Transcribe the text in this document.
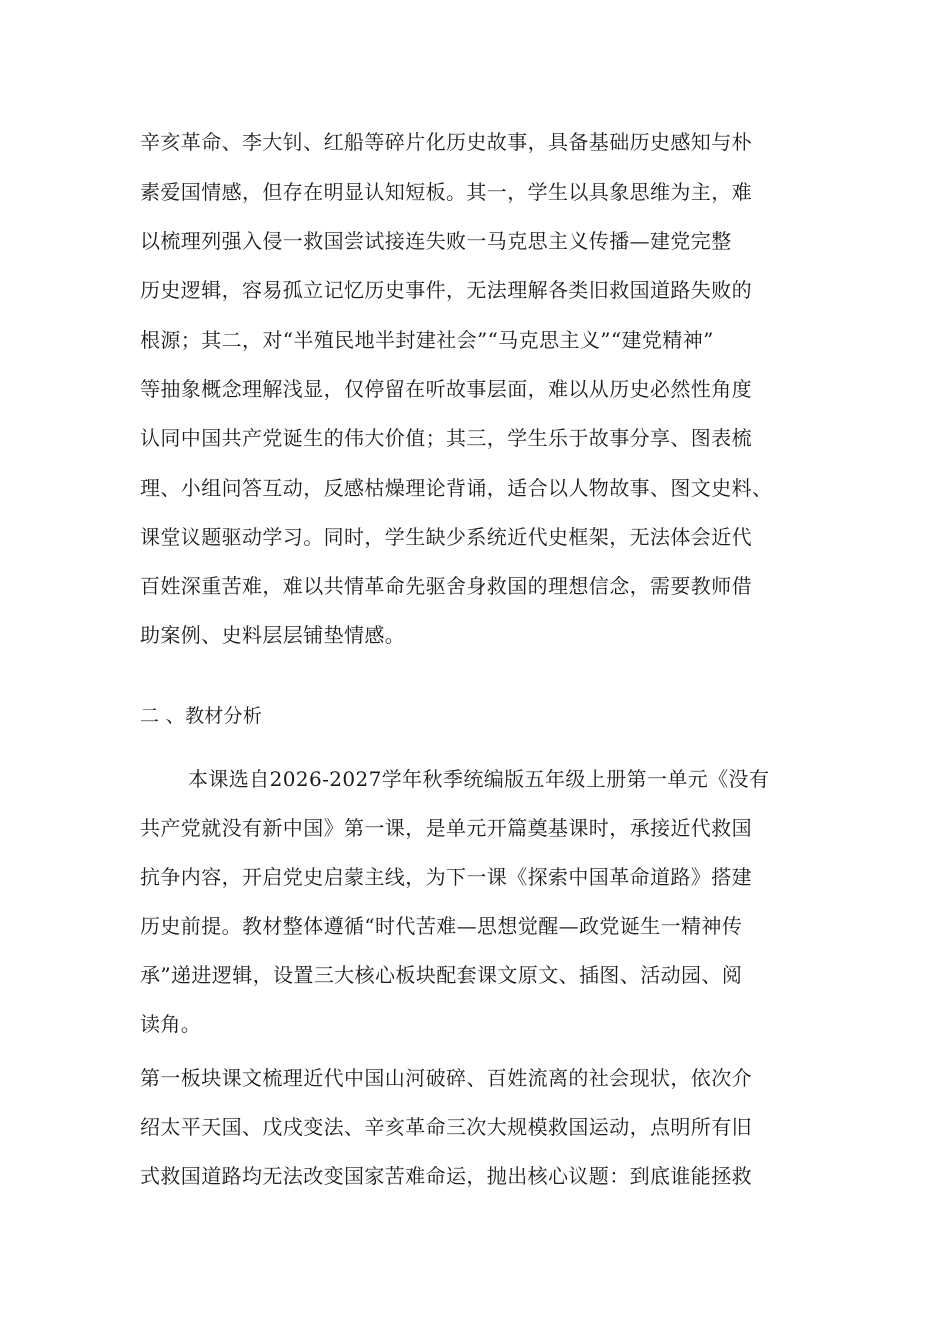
辛亥革命、李大钊、红船等碎片化历史故事，具备基础历史感知与朴
素爱国情感，但存在明显认知短板。其一，学生以具象思维为主，难
以梳理列强入侵一救国尝试接连失败一马克思主义传播—建党完整
历史逻辑，容易孤立记忆历史事件，无法理解各类旧救国道路失败的
根源；其二，对“半殖民地半封建社会”“马克思主义”“建党精神”
等抽象概念理解浅显，仅停留在听故事层面，难以从历史必然性角度
认同中国共产党诞生的伟大价值；其三，学生乐于故事分享、图表梳
理、小组问答互动，反感枯燥理论背诵，适合以人物故事、图文史料、
课堂议题驱动学习。同时，学生缺少系统近代史框架，无法体会近代
百姓深重苦难，难以共情革命先驱舍身救国的理想信念，需要教师借
助案例、史料层层铺垫情感。
二 、教材分析
本课选自2026-2027学年秋季统编版五年级上册第一单元《没有
共产党就没有新中国》第一课，是单元开篇奠基课时，承接近代救国
抗争内容，开启党史启蒙主线，为下一课《探索中国革命道路》搭建
历史前提。教材整体遵循“时代苦难—思想觉醒—政党诞生一精神传
承”递进逻辑，设置三大核心板块配套课文原文、插图、活动园、阅
读角。
第一板块课文梳理近代中国山河破碎、百姓流离的社会现状，依次介
绍太平天国、戊戌变法、辛亥革命三次大规模救国运动，点明所有旧
式救国道路均无法改变国家苦难命运，抛出核心议题：到底谁能拯救
